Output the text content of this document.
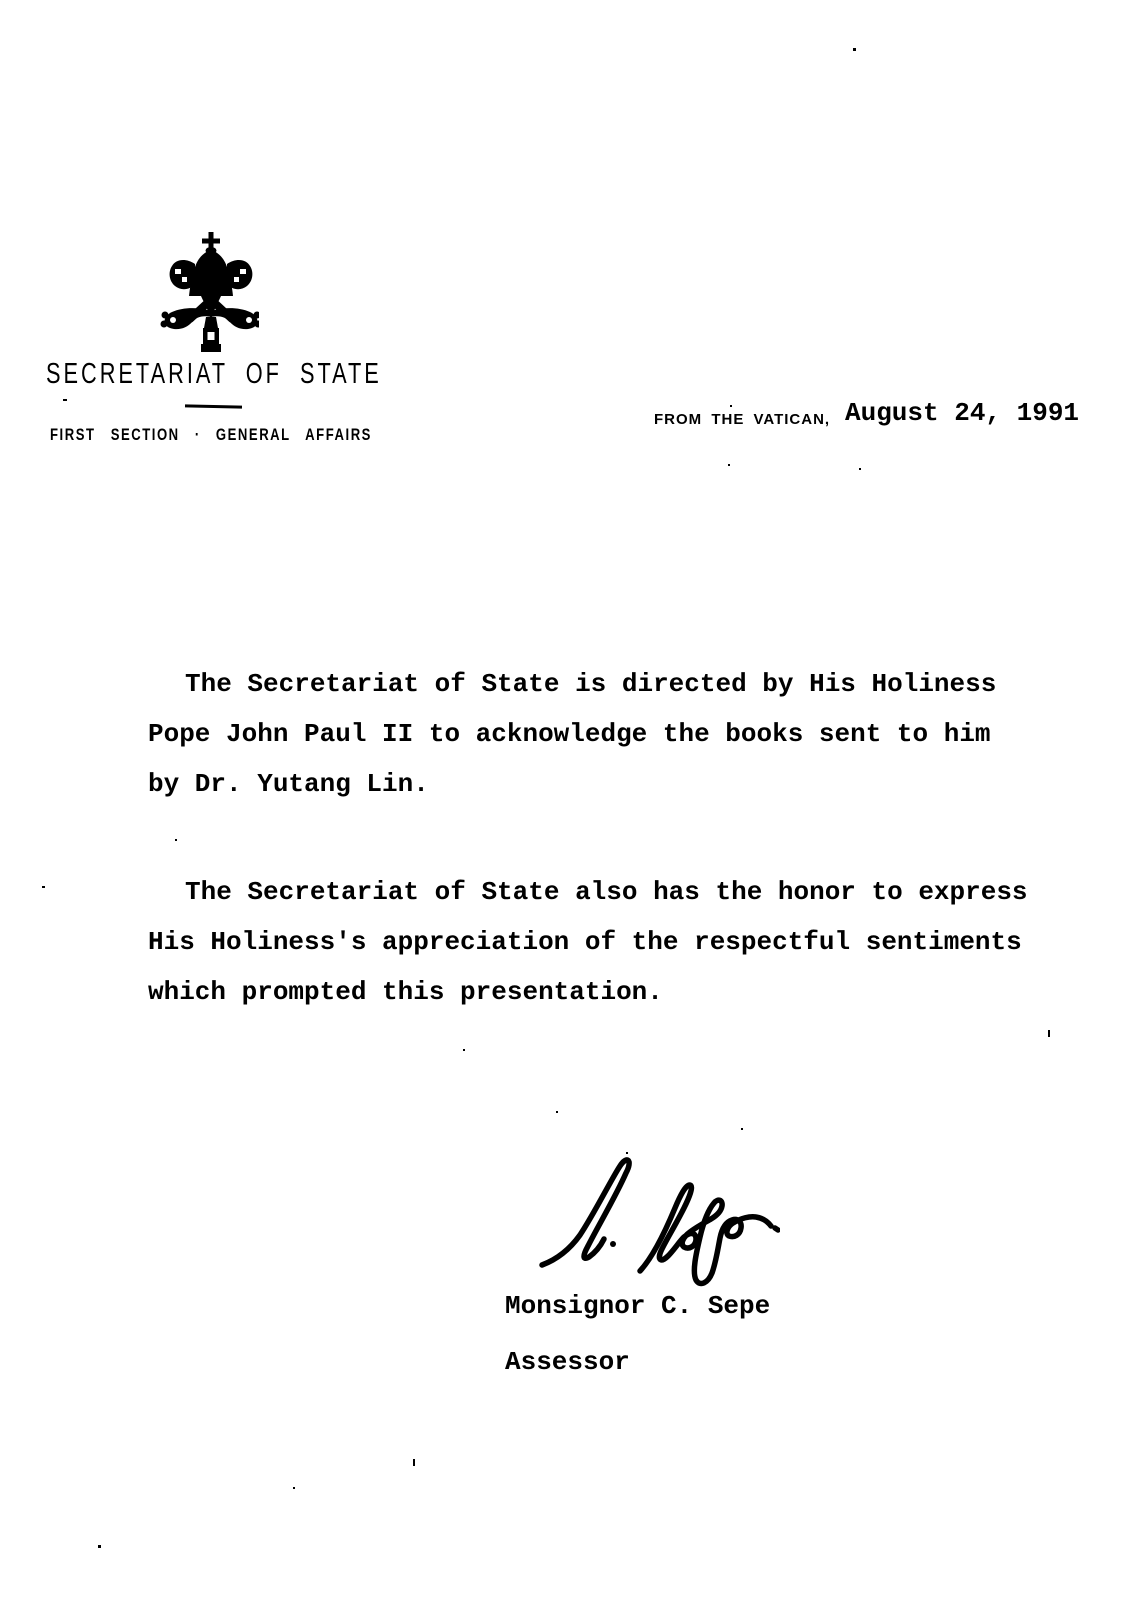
SECRETARIAT OF STATE
FIRST SECTION · GENERAL AFFAIRS
FROM THE VATICAN, August 24, 1991
The Secretariat of State is directed by His Holiness
Pope John Paul II to acknowledge the books sent to him
by Dr. Yutang Lin.
The Secretariat of State also has the honor to express
His Holiness's appreciation of the respectful sentiments
which prompted this presentation.
Monsignor C. Sepe
Assessor
